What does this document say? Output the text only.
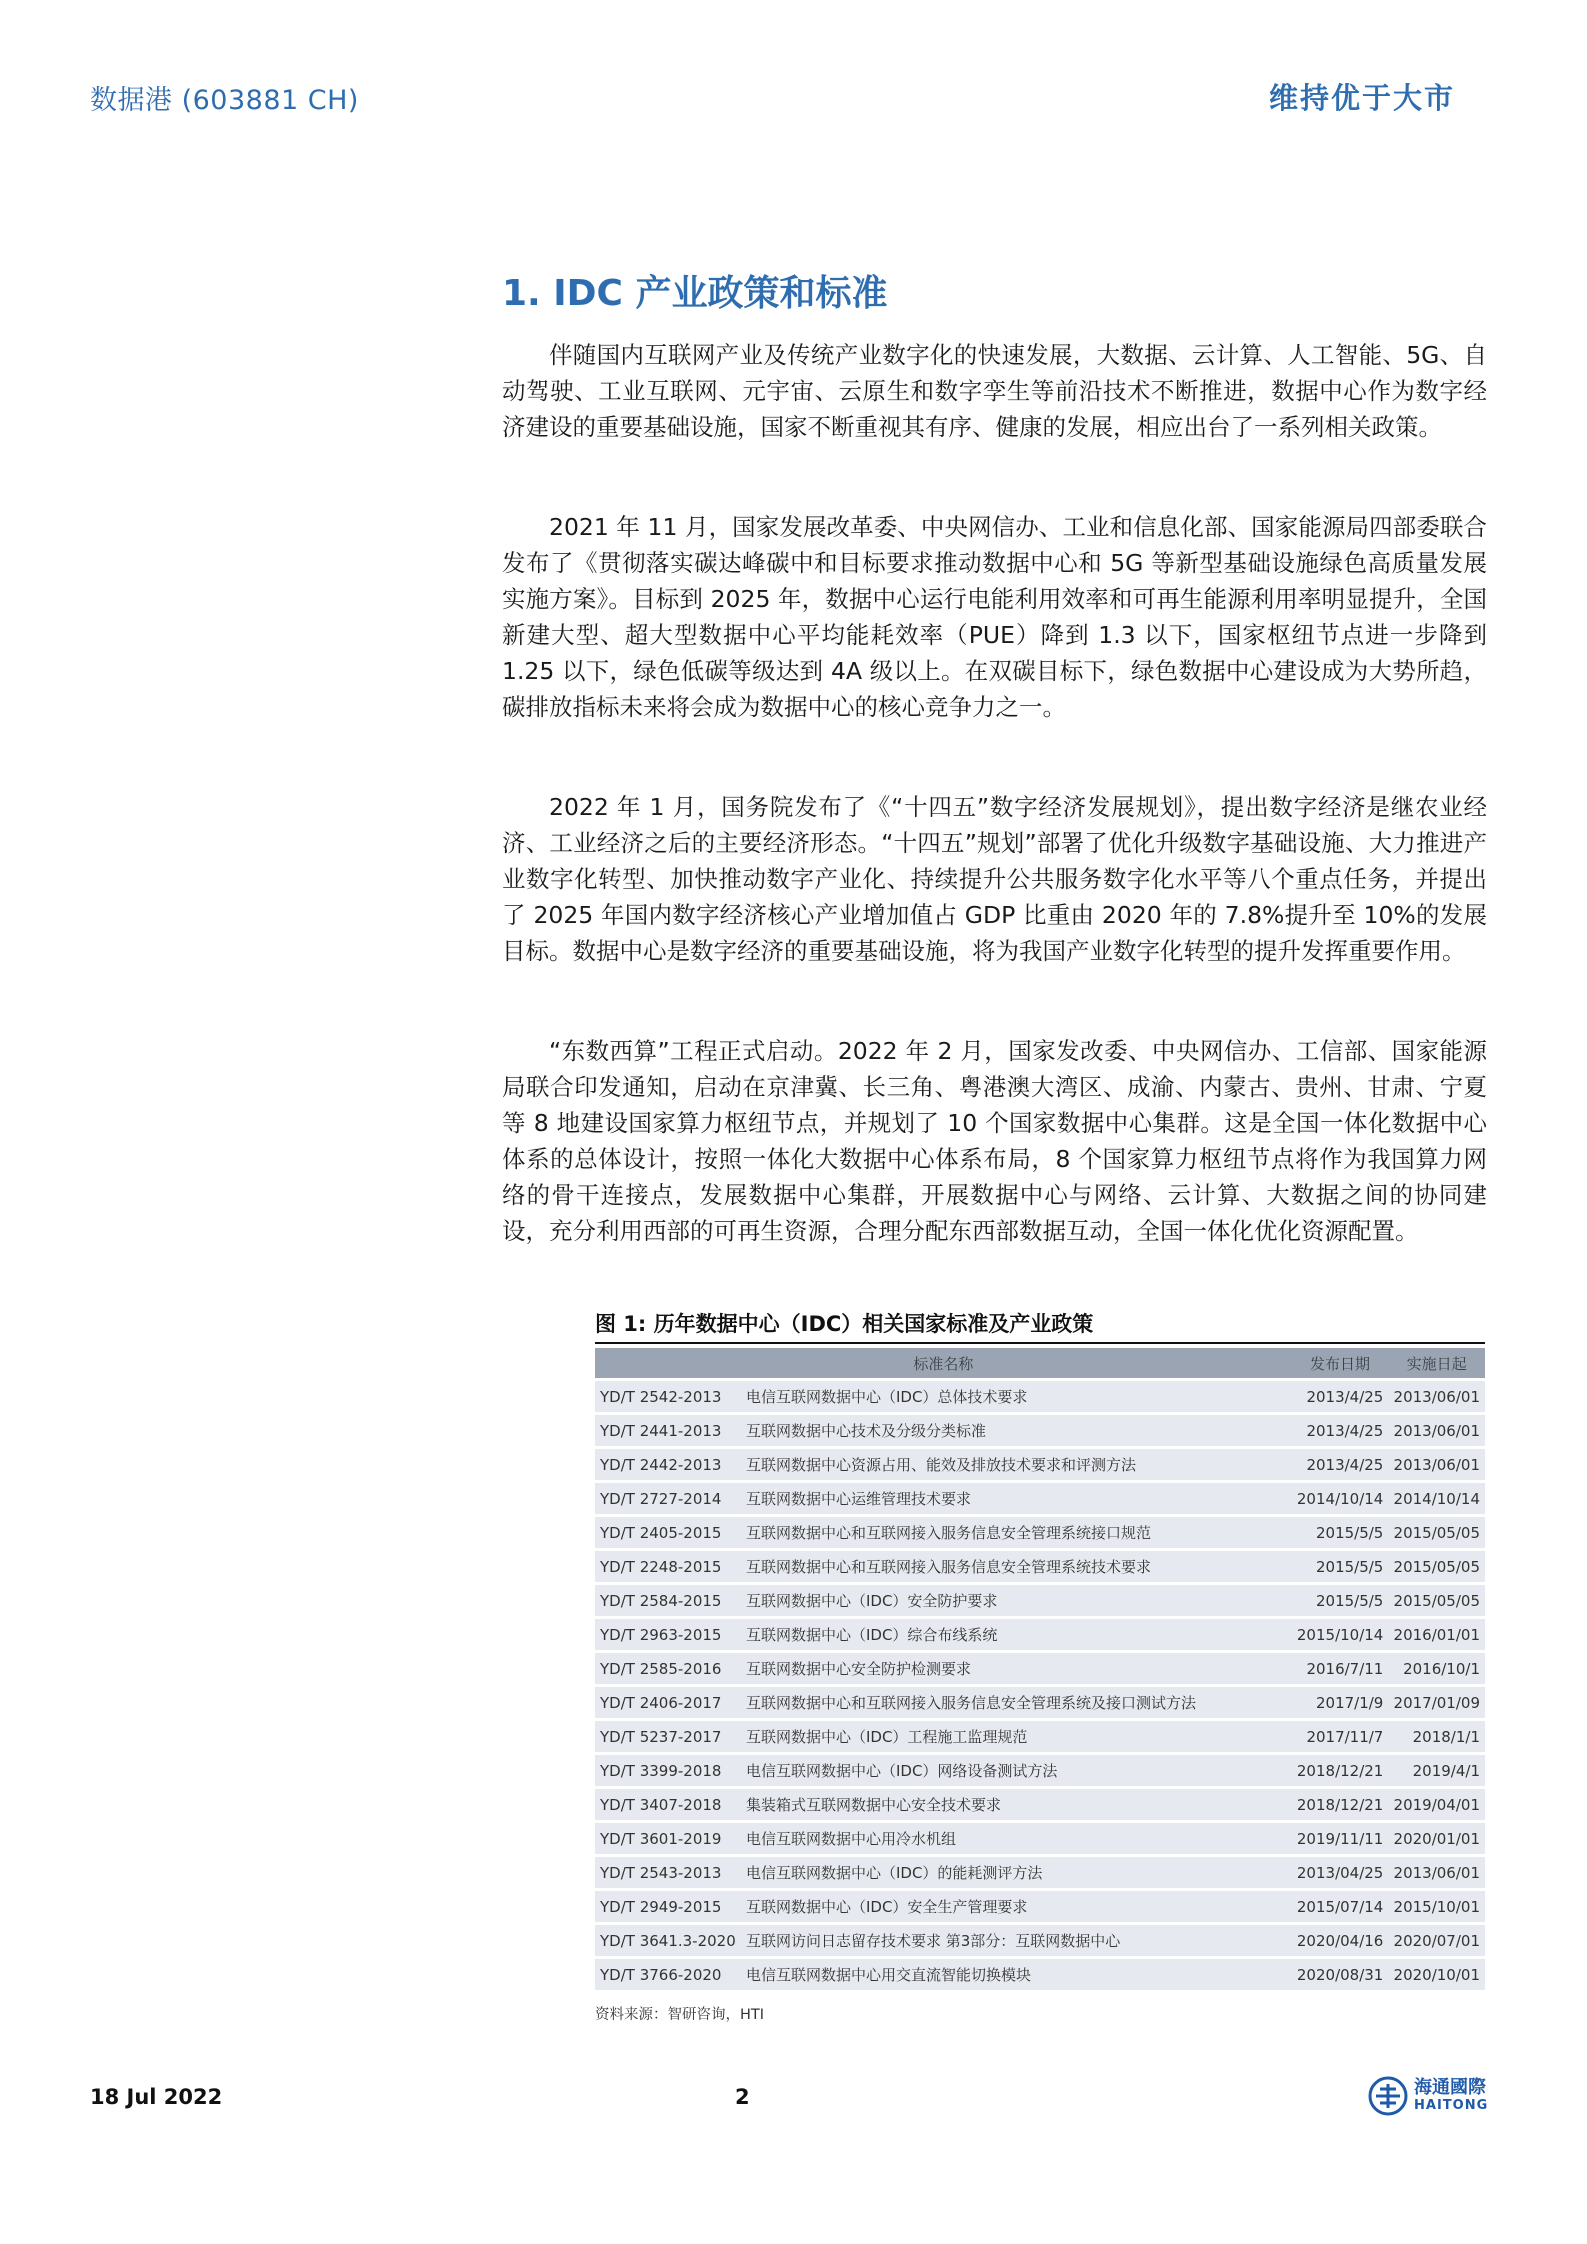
数据港 (603881 CH)	维持优于大市
1. IDC 产业政策和标准

伴随国内互联网产业及传统产业数字化的快速发展，大数据、云计算、人工智能、5G、自动驾驶、工业互联网、元宇宙、云原生和数字孪生等前沿技术不断推进，数据中心作为数字经济建设的重要基础设施，国家不断重视其有序、健康的发展，相应出台了一系列相关政策。

2021 年 11 月，国家发展改革委、中央网信办、工业和信息化部、国家能源局四部委联合发布了《贯彻落实碳达峰碳中和目标要求推动数据中心和 5G 等新型基础设施绿色高质量发展实施方案》。目标到 2025 年，数据中心运行电能利用效率和可再生能源利用率明显提升，全国新建大型、超大型数据中心平均能耗效率（PUE）降到 1.3 以下，国家枢纽节点进一步降到 1.25 以下，绿色低碳等级达到 4A 级以上。在双碳目标下，绿色数据中心建设成为大势所趋，碳排放指标未来将会成为数据中心的核心竞争力之一。

2022 年 1 月，国务院发布了《“十四五”数字经济发展规划》，提出数字经济是继农业经济、工业经济之后的主要经济形态。“十四五”规划”部署了优化升级数字基础设施、大力推进产业数字化转型、加快推动数字产业化、持续提升公共服务数字化水平等八个重点任务，并提出了 2025 年国内数字经济核心产业增加值占 GDP 比重由 2020 年的 7.8%提升至 10%的发展目标。数据中心是数字经济的重要基础设施，将为我国产业数字化转型的提升发挥重要作用。

“东数西算”工程正式启动。2022 年 2 月，国家发改委、中央网信办、工信部、国家能源局联合印发通知，启动在京津冀、长三角、粤港澳大湾区、成渝、内蒙古、贵州、甘肃、宁夏等 8 地建设国家算力枢纽节点，并规划了 10 个国家数据中心集群。这是全国一体化数据中心体系的总体设计，按照一体化大数据中心体系布局，8 个国家算力枢纽节点将作为我国算力网络的骨干连接点，发展数据中心集群，开展数据中心与网络、云计算、大数据之间的协同建设，充分利用西部的可再生资源，合理分配东西部数据互动，全国一体化优化资源配置。

图 1: 历年数据中心（IDC）相关国家标准及产业政策
标准名称		发布日期	实施日起
YD/T 2542-2013	电信互联网数据中心（IDC）总体技术要求	2013/4/25	2013/06/01
YD/T 2441-2013	互联网数据中心技术及分级分类标准	2013/4/25	2013/06/01
YD/T 2442-2013	互联网数据中心资源占用、能效及排放技术要求和评测方法	2013/4/25	2013/06/01
YD/T 2727-2014	互联网数据中心运维管理技术要求	2014/10/14	2014/10/14
YD/T 2405-2015	互联网数据中心和互联网接入服务信息安全管理系统接口规范	2015/5/5	2015/05/05
YD/T 2248-2015	互联网数据中心和互联网接入服务信息安全管理系统技术要求	2015/5/5	2015/05/05
YD/T 2584-2015	互联网数据中心（IDC）安全防护要求	2015/5/5	2015/05/05
YD/T 2963-2015	互联网数据中心（IDC）综合布线系统	2015/10/14	2016/01/01
YD/T 2585-2016	互联网数据中心安全防护检测要求	2016/7/11	2016/10/1
YD/T 2406-2017	互联网数据中心和互联网接入服务信息安全管理系统及接口测试方法	2017/1/9	2017/01/09
YD/T 5237-2017	互联网数据中心（IDC）工程施工监理规范	2017/11/7	2018/1/1
YD/T 3399-2018	电信互联网数据中心（IDC）网络设备测试方法	2018/12/21	2019/4/1
YD/T 3407-2018	集装箱式互联网数据中心安全技术要求	2018/12/21	2019/04/01
YD/T 3601-2019	电信互联网数据中心用冷水机组	2019/11/11	2020/01/01
YD/T 2543-2013	电信互联网数据中心（IDC）的能耗测评方法	2013/04/25	2013/06/01
YD/T 2949-2015	互联网数据中心（IDC）安全生产管理要求	2015/07/14	2015/10/01
YD/T 3641.3-2020	互联网访问日志留存技术要求 第3部分：互联网数据中心	2020/04/16	2020/07/01
YD/T 3766-2020	电信互联网数据中心用交直流智能切换模块	2020/08/31	2020/10/01
资料来源：智研咨询，HTI
18 Jul 2022	2	海通國際
HAITONG
